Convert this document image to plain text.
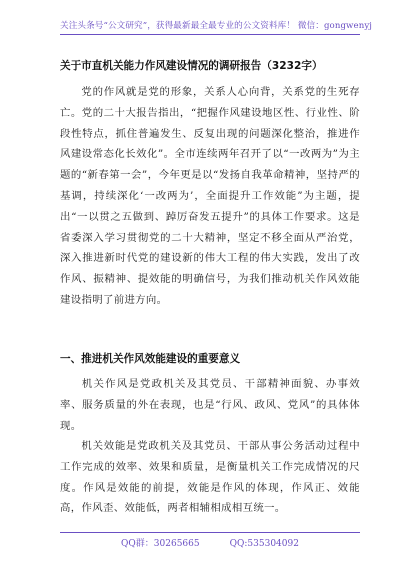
关注头条号“公文研究”，获得最新最全最专业的公文资料库！ 微信：gongwenyj
关于市直机关能力作风建设情况的调研报告（3232字）

党的作风就是党的形象，关系人心向背，关系党的生死存亡。党的二十大报告指出，“把握作风建设地区性、行业性、阶段性特点，抓住普遍发生、反复出现的问题深化整治，推进作风建设常态化长效化”。全市连续两年召开了以“一改两为”为主题的“新春第一会”，今年更是以“发扬自我革命精神，坚持严的基调，持续深化‘一改两为’，全面提升工作效能”为主题，提出“一以贯之五做到、踔厉奋发五提升”的具体工作要求。这是省委深入学习贯彻党的二十大精神，坚定不移全面从严治党，深入推进新时代党的建设新的伟大工程的伟大实践，发出了改作风、振精神、提效能的明确信号，为我们推动机关作风效能建设指明了前进方向。

一、推进机关作风效能建设的重要意义

机关作风是党政机关及其党员、干部精神面貌、办事效率、服务质量的外在表现，也是“行风、政风、党风”的具体体现。

机关效能是党政机关及其党员、干部从事公务活动过程中工作完成的效率、效果和质量，是衡量机关工作完成情况的尺度。作风是效能的前提，效能是作风的体现，作风正、效能高，作风歪、效能低，两者相辅相成相互统一。

QQ群：30265665	QQ:535304092
